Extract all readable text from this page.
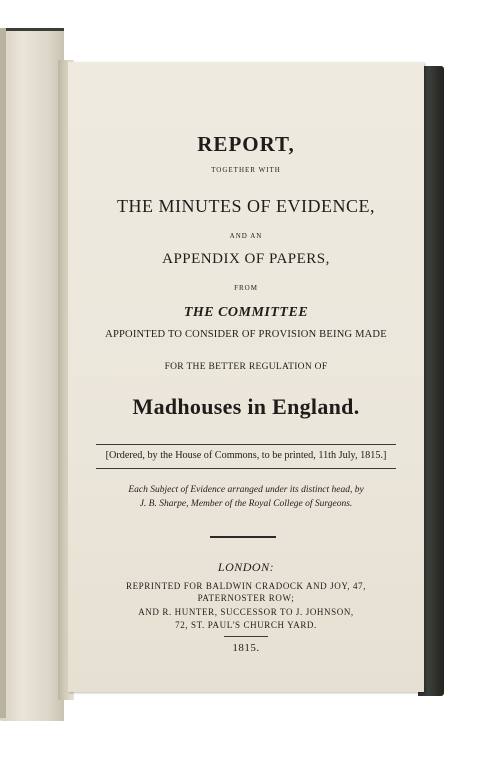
REPORT,

TOGETHER WITH

THE MINUTES OF EVIDENCE,

AND AN

APPENDIX OF PAPERS,

FROM

THE COMMITTEE

APPOINTED TO CONSIDER OF PROVISION BEING MADE

FOR THE BETTER REGULATION OF

Madhouses in England.

[Ordered, by the House of Commons, to be printed, 11th July, 1815.]

Each Subject of Evidence arranged under its distinct head, by

J. B. Sharpe, Member of the Royal College of Surgeons.

LONDON:

REPRINTED FOR BALDWIN CRADOCK AND JOY, 47,

PATERNOSTER ROW;

AND R. HUNTER, SUCCESSOR TO J. JOHNSON,

72, ST. PAUL'S CHURCH YARD.

1815.
